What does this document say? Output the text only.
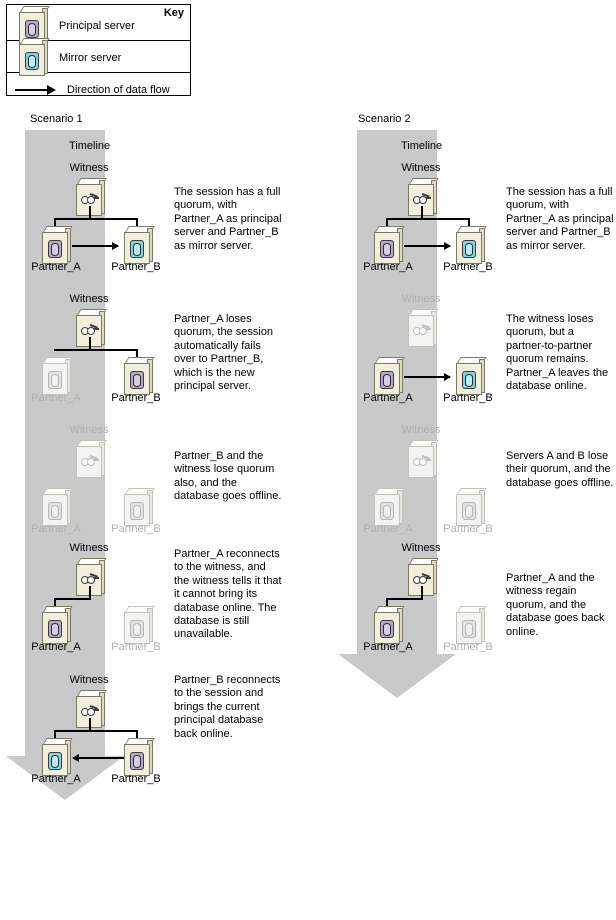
Key
Principal server
Mirror server
Direction of data flow
Scenario 1
Timeline
Witness
Partner_A	Partner_B
The session has a full quorum, with Partner_A as principal server and Partner_B as mirror server.
Witness
Partner_A	Partner_B
Partner_A loses quorum, the session automatically fails over to Partner_B, which is the new principal server.
Witness
Partner_A	Partner_B
Partner_B and the witness lose quorum also, and the database goes offline.
Witness
Partner_A	Partner_B
Partner_A reconnects to the witness, and the witness tells it that it cannot bring its database online. The database is still unavailable.
Witness
Partner_A	Partner_B
Partner_B reconnects to the session and brings the current principal database back online.
Scenario 2
Timeline
Witness
Partner_A	Partner_B
The session has a full quorum, with Partner_A as principal server and Partner_B as mirror server.
Witness
Partner_A	Partner_B
The witness loses quorum, but a partner-to-partner quorum remains. Partner_A leaves the database online.
Witness
Partner_A	Partner_B
Servers A and B lose their quorum, and the database goes offline.
Witness
Partner_A	Partner_B
Partner_A and the witness regain quorum, and the database goes back online.
